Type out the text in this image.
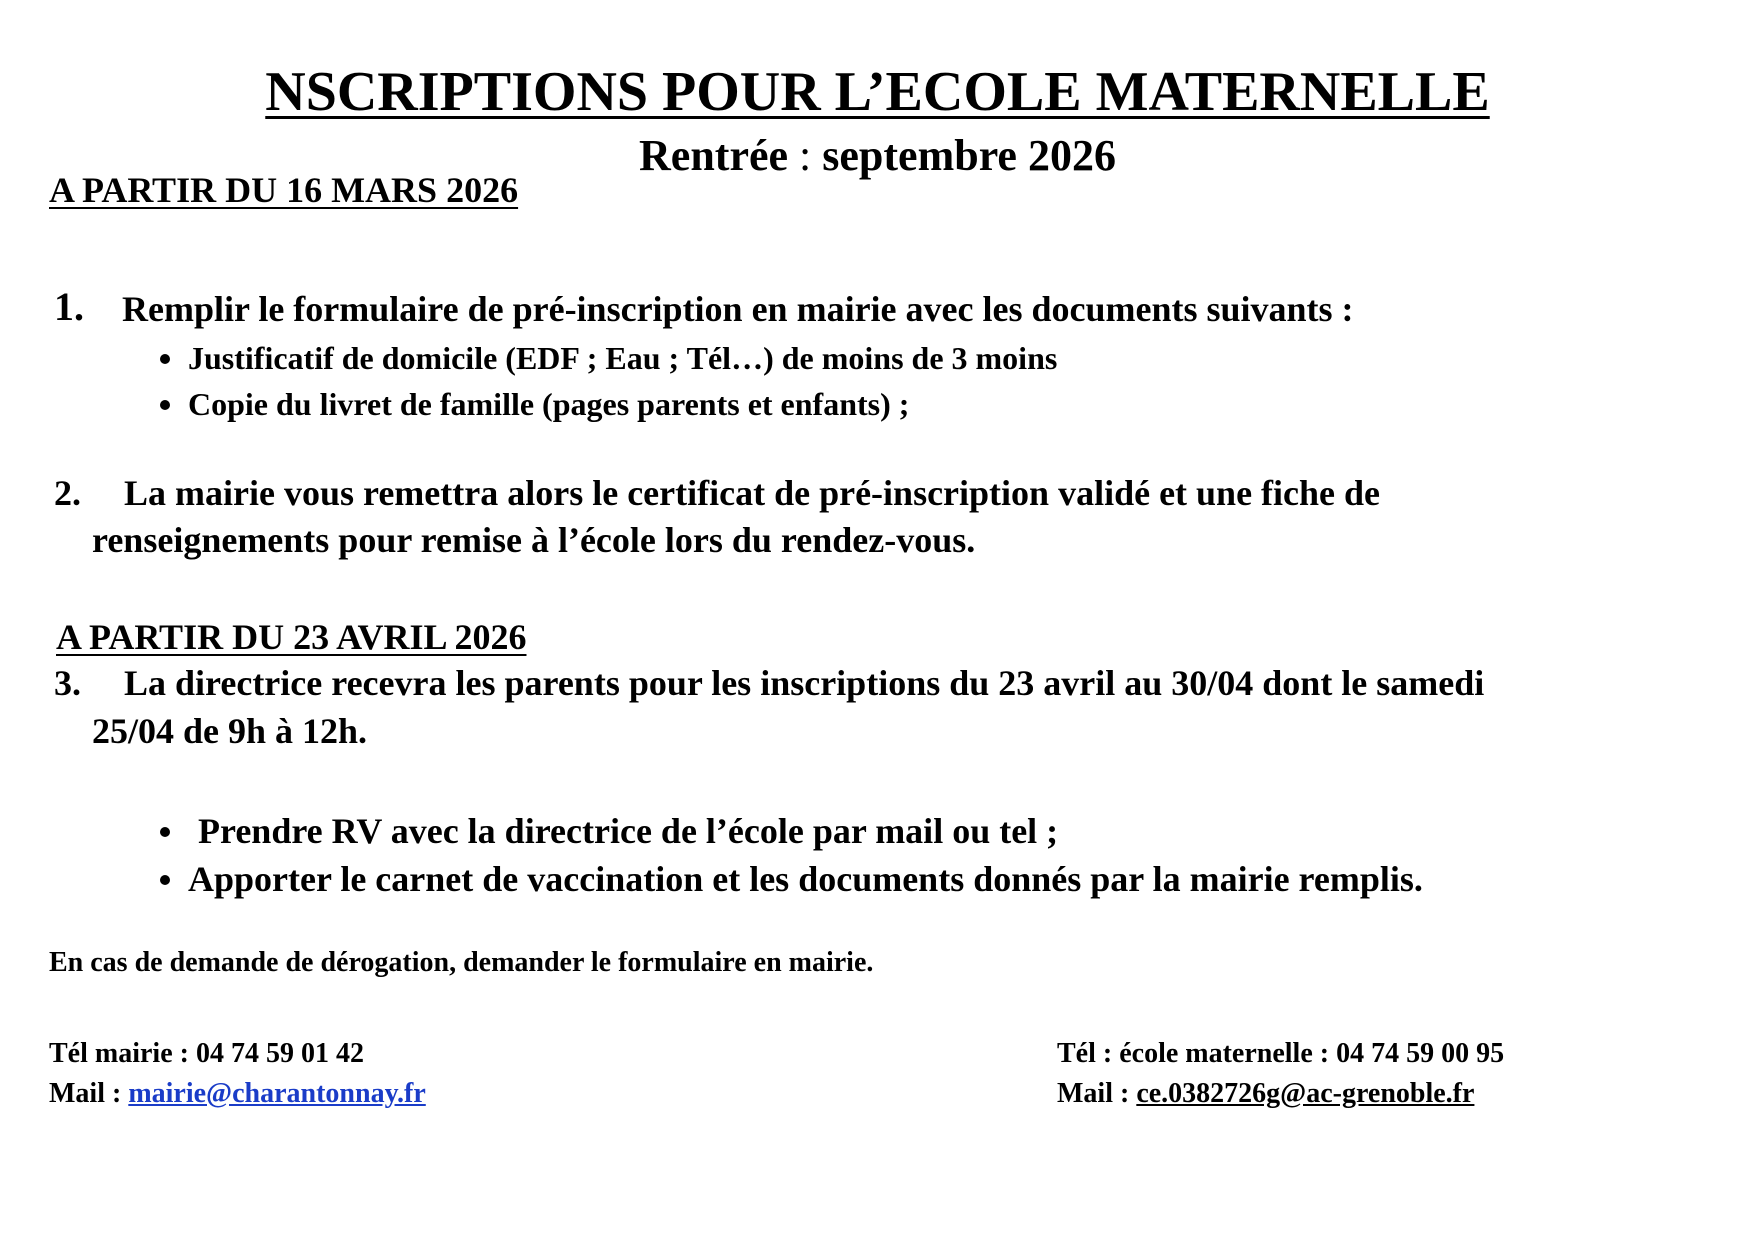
NSCRIPTIONS POUR L’ECOLE MATERNELLE
Rentrée : septembre 2026
A PARTIR DU 16 MARS 2026
1. Remplir le formulaire de pré-inscription en mairie avec les documents suivants :
Justificatif de domicile (EDF ; Eau ; Tél…) de moins de 3 moins
Copie du livret de famille (pages parents et enfants) ;
2. La mairie vous remettra alors le certificat de pré-inscription validé et une fiche de
renseignements pour remise à l’école lors du rendez-vous.
A PARTIR DU 23 AVRIL 2026
3. La directrice recevra les parents pour les inscriptions du 23 avril au 30/04 dont le samedi
25/04 de 9h à 12h.
Prendre RV avec la directrice de l’école par mail ou tel ;
Apporter le carnet de vaccination et les documents donnés par la mairie remplis.
En cas de demande de dérogation, demander le formulaire en mairie.
Tél mairie : 04 74 59 01 42
Mail : mairie@charantonnay.fr
Tél : école maternelle : 04 74 59 00 95
Mail : ce.0382726g@ac-grenoble.fr
